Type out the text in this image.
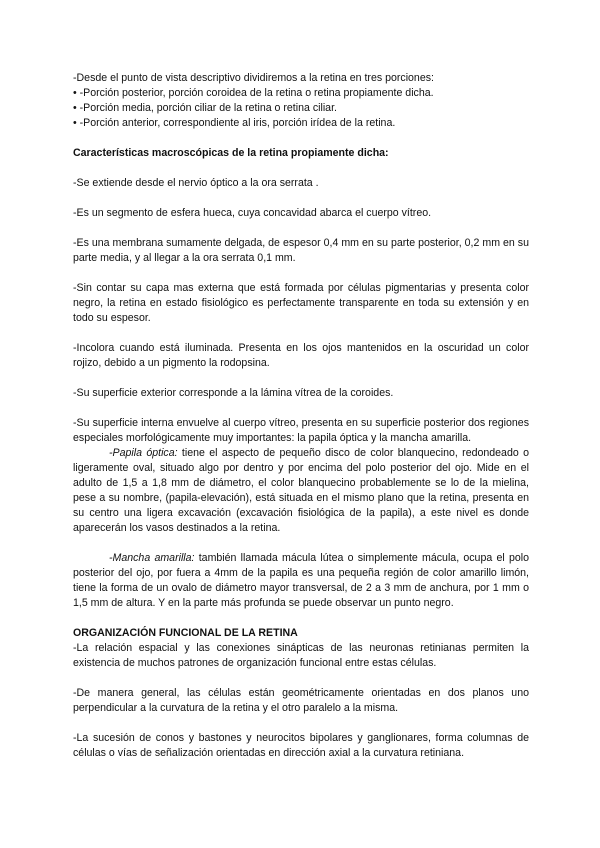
-Desde el punto de vista descriptivo dividiremos a la retina en tres porciones:

• -Porción posterior, porción coroidea de la retina o retina propiamente dicha.

• -Porción media, porción ciliar de la retina o retina ciliar.

• -Porción anterior, correspondiente al iris, porción irídea de la retina.

Características macroscópicas de la retina propiamente dicha:

-Se extiende desde el nervio óptico a la ora serrata .

-Es un segmento de esfera hueca, cuya concavidad abarca el cuerpo vítreo.

-Es una membrana sumamente delgada, de espesor 0,4 mm en su parte posterior, 0,2 mm en su parte media, y al llegar a la ora serrata 0,1 mm.

-Sin contar su capa mas externa que está formada por células pigmentarias y presenta color negro, la retina en estado fisiológico es perfectamente transparente en toda su extensión y en todo su espesor.

-Incolora cuando está iluminada. Presenta en los ojos mantenidos en la oscuridad un color rojizo, debido a un pigmento la rodopsina.

-Su superficie exterior corresponde a la lámina vítrea de la coroides.

-Su superficie interna envuelve al cuerpo vítreo, presenta en su superficie posterior dos regiones especiales morfológicamente muy importantes: la papila óptica y la mancha amarilla.

-Papila óptica: tiene el aspecto de pequeño disco de color blanquecino, redondeado o ligeramente oval, situado algo por dentro y por encima del polo posterior del ojo. Mide en el adulto de 1,5 a 1,8 mm de diámetro, el color blanquecino probablemente se lo de la mielina, pese a su nombre, (papila-elevación), está situada en el mismo plano que la retina, presenta en su centro una ligera excavación (excavación fisiológica de la papila), a este nivel es donde aparecerán los vasos destinados a la retina.

-Mancha amarilla: también llamada mácula lútea o simplemente mácula, ocupa el polo posterior del ojo, por fuera a 4mm de la papila es una pequeña región de color amarillo limón, tiene la forma de un ovalo de diámetro mayor transversal, de 2 a 3 mm de anchura, por 1 mm o 1,5 mm de altura. Y en la parte más profunda se puede observar un punto negro.

ORGANIZACIÓN FUNCIONAL DE LA RETINA

-La relación espacial y las conexiones sinápticas de las neuronas retinianas permiten la existencia de muchos patrones de organización funcional entre estas células.

-De manera general, las células están geométricamente orientadas en dos planos uno perpendicular a la curvatura de la retina y el otro paralelo a la misma.

-La sucesión de conos y bastones y neurocitos bipolares y ganglionares, forma columnas de células o vías de señalización orientadas en dirección axial a la curvatura retiniana.
